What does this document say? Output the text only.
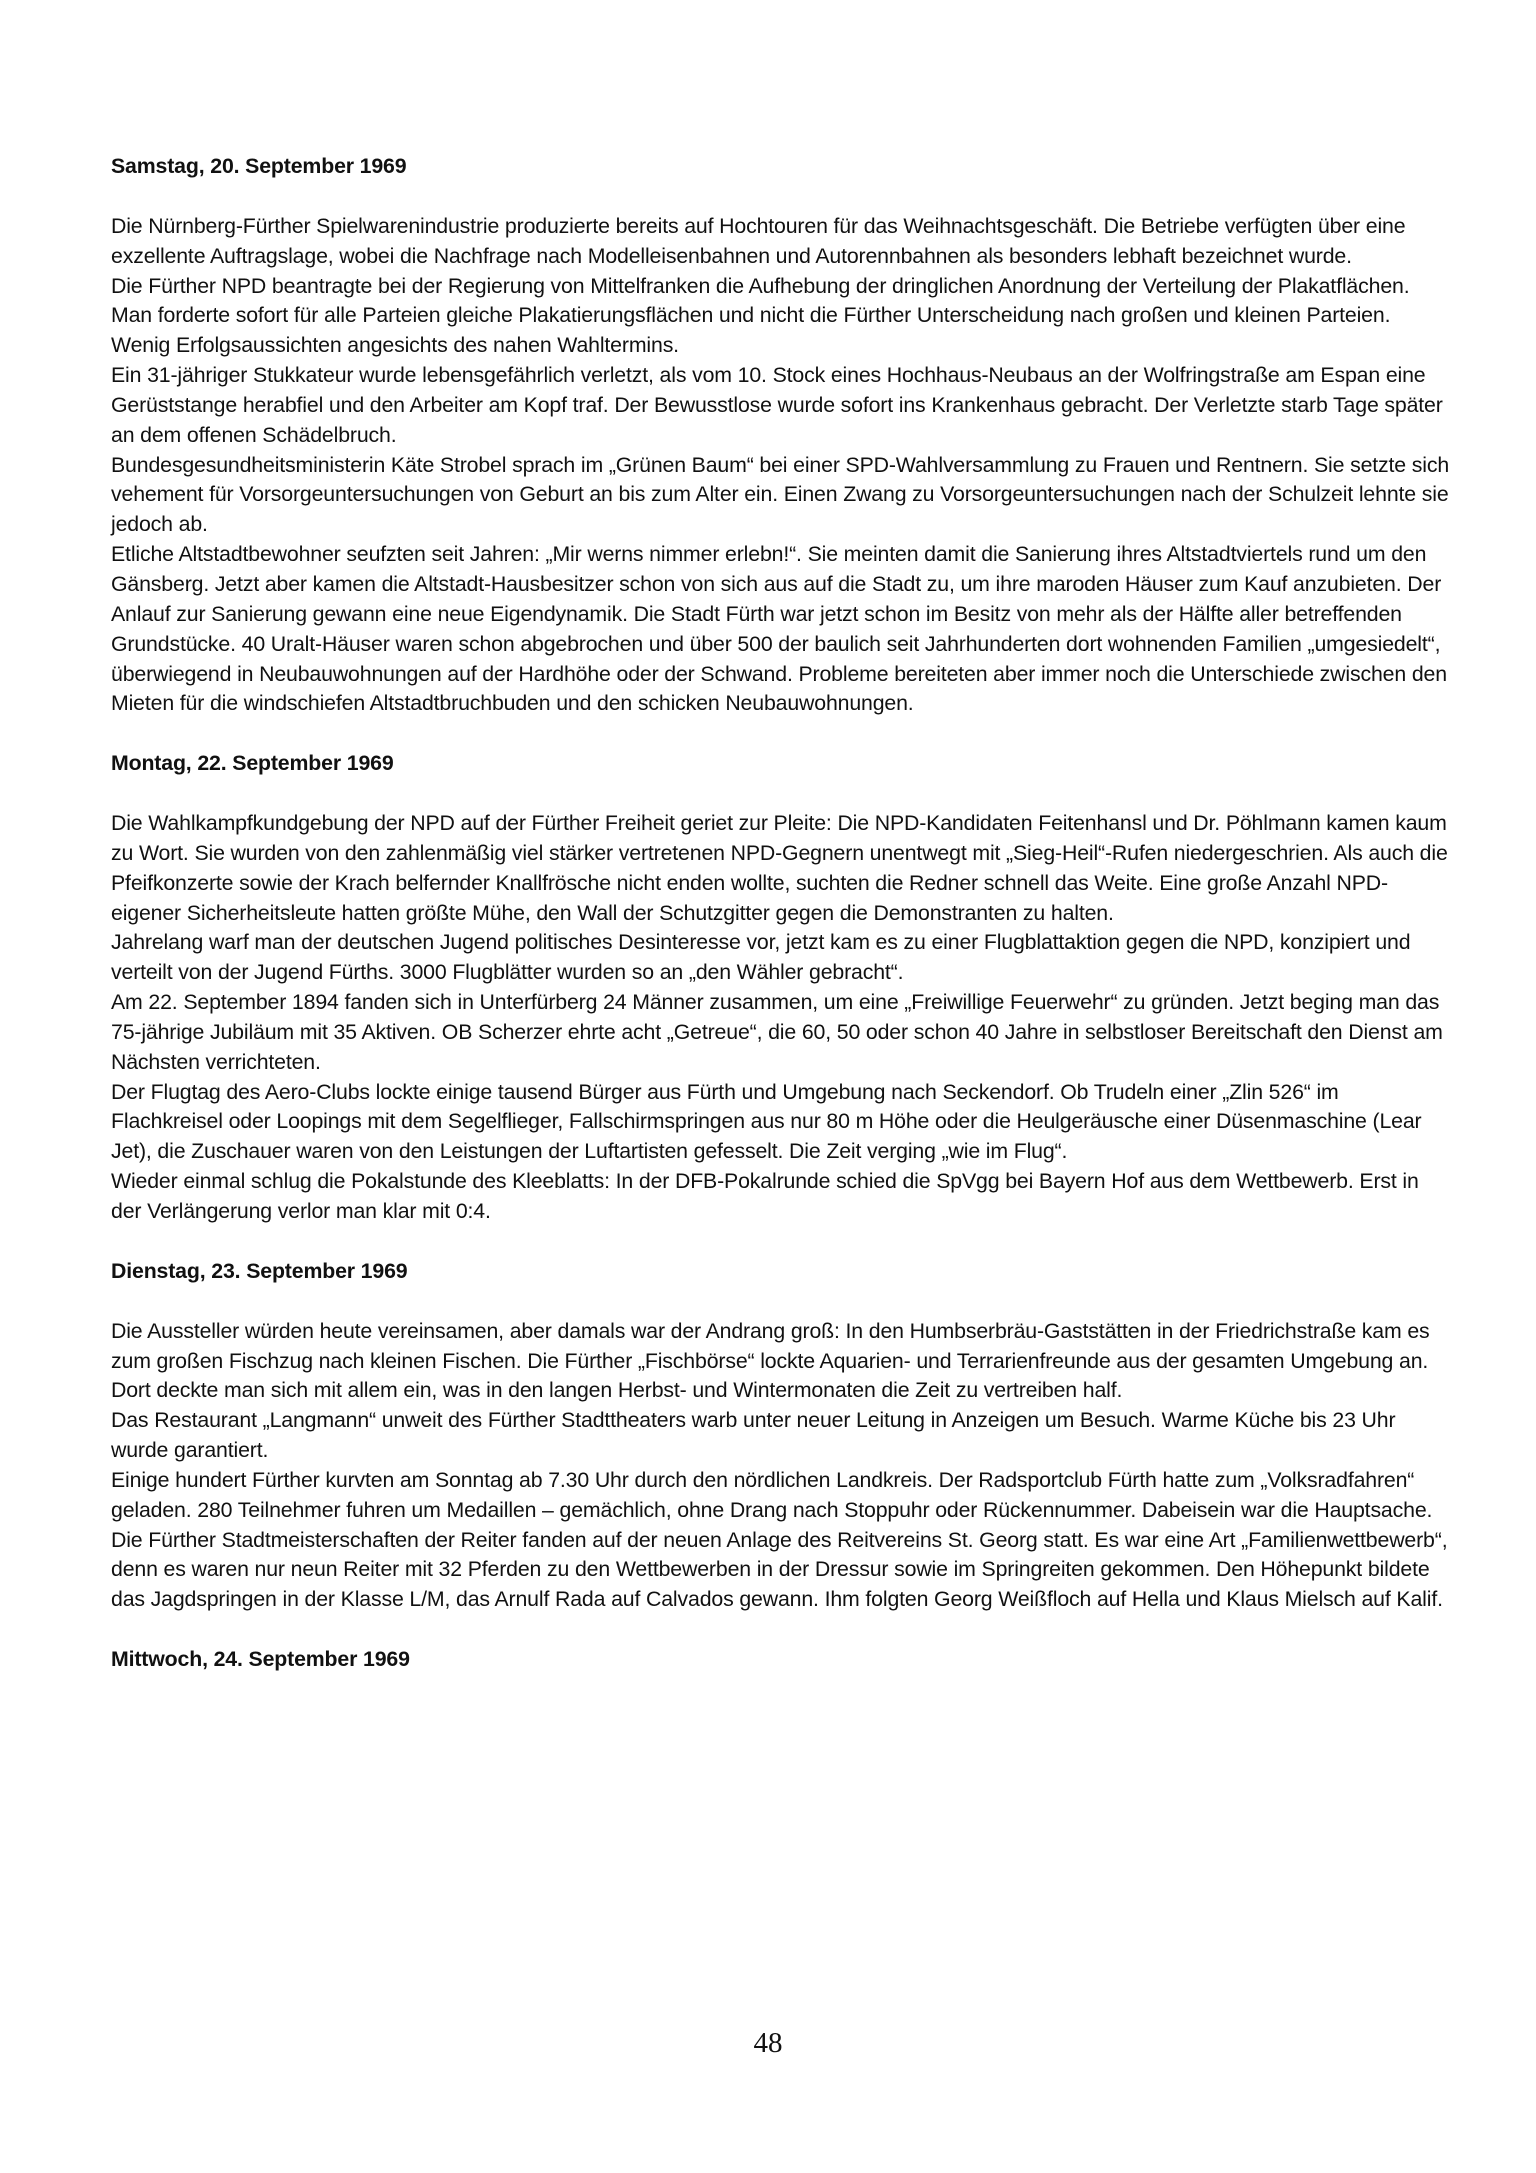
Samstag, 20. September 1969

Die Nürnberg-Fürther Spielwarenindustrie produzierte bereits auf Hochtouren für das Weihnachtsgeschäft. Die Betriebe verfügten über eine exzellente Auftragslage, wobei die Nachfrage nach Modelleisenbahnen und Autorennbahnen als besonders lebhaft bezeichnet wurde.

Die Fürther NPD beantragte bei der Regierung von Mittelfranken die Aufhebung der dringlichen Anordnung der Verteilung der Plakatflächen. Man forderte sofort für alle Parteien gleiche Plakatierungsflächen und nicht die Fürther Unterscheidung nach großen und kleinen Parteien. Wenig Erfolgsaussichten angesichts des nahen Wahltermins.

Ein 31-jähriger Stukkateur wurde lebensgefährlich verletzt, als vom 10. Stock eines Hochhaus-Neubaus an der Wolfringstraße am Espan eine Gerüststange herabfiel und den Arbeiter am Kopf traf. Der Bewusstlose wurde sofort ins Krankenhaus gebracht. Der Verletzte starb Tage später an dem offenen Schädelbruch.

Bundesgesundheitsministerin Käte Strobel sprach im „Grünen Baum“ bei einer SPD-Wahlversammlung zu Frauen und Rentnern. Sie setzte sich vehement für Vorsorgeuntersuchungen von Geburt an bis zum Alter ein. Einen Zwang zu Vorsorgeuntersuchungen nach der Schulzeit lehnte sie jedoch ab.

Etliche Altstadtbewohner seufzten seit Jahren: „Mir werns nimmer erlebn!“. Sie meinten damit die Sanierung ihres Altstadtviertels rund um den Gänsberg. Jetzt aber kamen die Altstadt-Hausbesitzer schon von sich aus auf die Stadt zu, um ihre maroden Häuser zum Kauf anzubieten. Der Anlauf zur Sanierung gewann eine neue Eigendynamik. Die Stadt Fürth war jetzt schon im Besitz von mehr als der Hälfte aller betreffenden Grundstücke. 40 Uralt-Häuser waren schon abgebrochen und über 500 der baulich seit Jahrhunderten dort wohnenden Familien „umgesiedelt“, überwiegend in Neubauwohnungen auf der Hardhöhe oder der Schwand. Probleme bereiteten aber immer noch die Unterschiede zwischen den Mieten für die windschiefen Altstadtbruchbuden und den schicken Neubauwohnungen.

Montag, 22. September 1969

Die Wahlkampfkundgebung der NPD auf der Fürther Freiheit geriet zur Pleite: Die NPD-Kandidaten Feitenhansl und Dr. Pöhlmann kamen kaum zu Wort. Sie wurden von den zahlenmäßig viel stärker vertretenen NPD-Gegnern unentwegt mit „Sieg-Heil“-Rufen niedergeschrien. Als auch die Pfeifkonzerte sowie der Krach belfernder Knallfrösche nicht enden wollte, suchten die Redner schnell das Weite. Eine große Anzahl NPD-eigener Sicherheitsleute hatten größte Mühe, den Wall der Schutzgitter gegen die Demonstranten zu halten.

Jahrelang warf man der deutschen Jugend politisches Desinteresse vor, jetzt kam es zu einer Flugblattaktion gegen die NPD, konzipiert und verteilt von der Jugend Fürths. 3000 Flugblätter wurden so an „den Wähler gebracht“.

Am 22. September 1894 fanden sich in Unterfürberg 24 Männer zusammen, um eine „Freiwillige Feuerwehr“ zu gründen. Jetzt beging man das 75-jährige Jubiläum mit 35 Aktiven. OB Scherzer ehrte acht „Getreue“, die 60, 50 oder schon 40 Jahre in selbstloser Bereitschaft den Dienst am Nächsten verrichteten.

Der Flugtag des Aero-Clubs lockte einige tausend Bürger aus Fürth und Umgebung nach Seckendorf. Ob Trudeln einer „Zlin 526“ im Flachkreisel oder Loopings mit dem Segelflieger, Fallschirmspringen aus nur 80 m Höhe oder die Heulgeräusche einer Düsenmaschine (Lear Jet), die Zuschauer waren von den Leistungen der Luftartisten gefesselt. Die Zeit verging „wie im Flug“.

Wieder einmal schlug die Pokalstunde des Kleeblatts: In der DFB-Pokalrunde schied die SpVgg bei Bayern Hof aus dem Wettbewerb. Erst in der Verlängerung verlor man klar mit 0:4.

Dienstag, 23. September 1969

Die Aussteller würden heute vereinsamen, aber damals war der Andrang groß: In den Humbserbräu-Gaststätten in der Friedrichstraße kam es zum großen Fischzug nach kleinen Fischen. Die Fürther „Fischbörse“ lockte Aquarien- und Terrarienfreunde aus der gesamten Umgebung an. Dort deckte man sich mit allem ein, was in den langen Herbst- und Wintermonaten die Zeit zu vertreiben half.

Das Restaurant „Langmann“ unweit des Fürther Stadttheaters warb unter neuer Leitung in Anzeigen um Besuch. Warme Küche bis 23 Uhr wurde garantiert.

Einige hundert Fürther kurvten am Sonntag ab 7.30 Uhr durch den nördlichen Landkreis. Der Radsportclub Fürth hatte zum „Volksradfahren“ geladen. 280 Teilnehmer fuhren um Medaillen – gemächlich, ohne Drang nach Stoppuhr oder Rückennummer. Dabeisein war die Hauptsache.

Die Fürther Stadtmeisterschaften der Reiter fanden auf der neuen Anlage des Reitvereins St. Georg statt. Es war eine Art „Familienwettbewerb“, denn es waren nur neun Reiter mit 32 Pferden zu den Wettbewerben in der Dressur sowie im Springreiten gekommen. Den Höhepunkt bildete das Jagdspringen in der Klasse L/M, das Arnulf Rada auf Calvados gewann. Ihm folgten Georg Weißfloch auf Hella und Klaus Mielsch auf Kalif.

Mittwoch, 24. September 1969
48
